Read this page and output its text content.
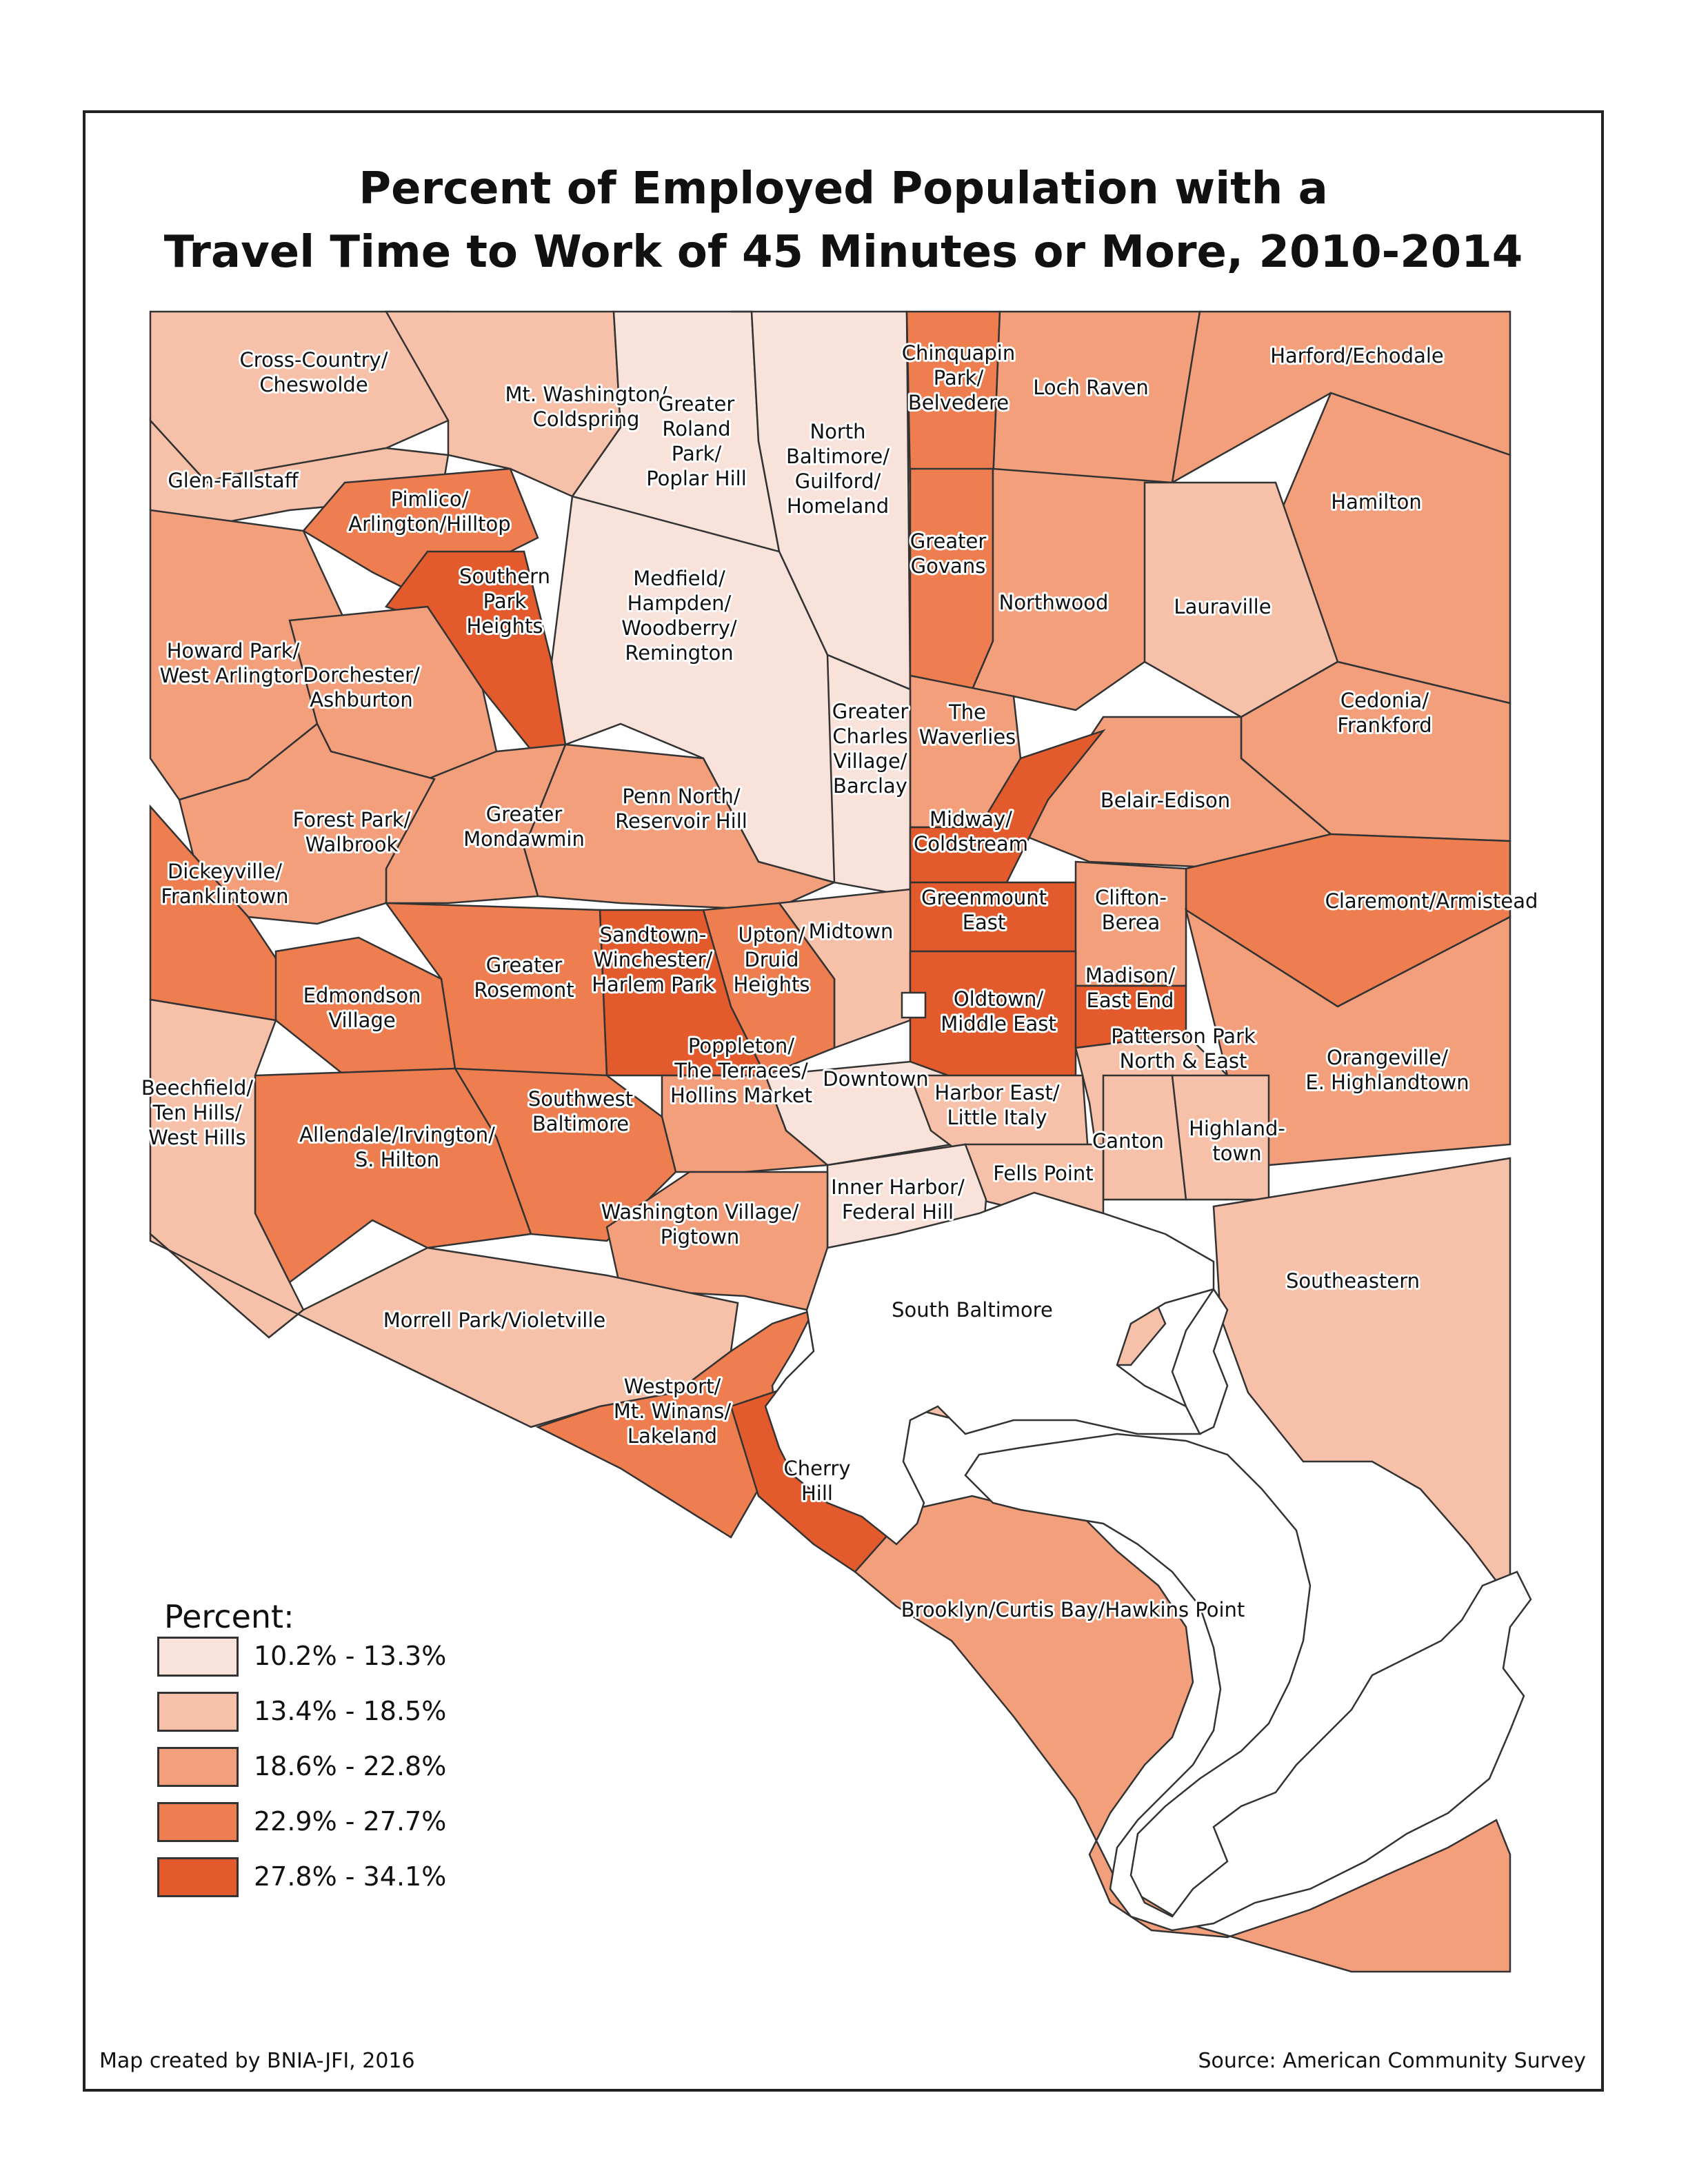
Percent of Employed Population with a
Travel Time to Work of 45 Minutes or More, 2010-2014
Cross-Country/ Cheswolde	Mt. Washington/ Coldspring
Greater Roland Park/ Poplar Hill
North Baltimore/ Guilford/ Homeland
Chinquapin Park/ Belvedere
Loch Raven
Harford/Echodale
Glen-Fallstaff
Pimlico/ Arlington/Hilltop
Hamilton
Greater Govans
Northwood	Lauraville
Southern Park Heights
Medfield/ Hampden/ Woodberry/ Remington
Howard Park/ West Arlington
Dorchester/ Ashburton
The Waverlies
Cedonia/ Frankford
Greater Charles Village/ Barclay
Belair-Edison
Penn North/ Reservoir Hill
Greater Mondawmin
Forest Park/ Walbrook
Midway/ Coldstream
Dickeyville/ Franklintown	Claremont/Armistead
Greenmount East
Clifton-Berea
Midtown
Upton/ Druid Heights
Sandtown-Winchester/ Harlem Park
Greater Rosemont
Edmondson Village
Oldtown/ Middle East
Madison/ East End
Patterson Park North & East	Orangeville/ E. Highlandtown
Downtown
Poppleton/ The Terraces/ Hollins Market
Southwest Baltimore
Allendale/Irvington/ S. Hilton
Beechfield/ Ten Hills/ West Hills
Harbor East/ Little Italy
Canton
Highland-town
Fells Point
Inner Harbor/ Federal Hill
Washington Village/ Pigtown
Southeastern
South Baltimore
Morrell Park/Violetville
Westport/ Mt. Winans/ Lakeland
Cherry Hill
Brooklyn/Curtis Bay/Hawkins Point
Percent:
10.2% - 13.3%
13.4% - 18.5%
18.6% - 22.8%
22.9% - 27.7%
27.8% - 34.1%
Map created by BNIA-JFI, 2016	Source: American Community Survey
